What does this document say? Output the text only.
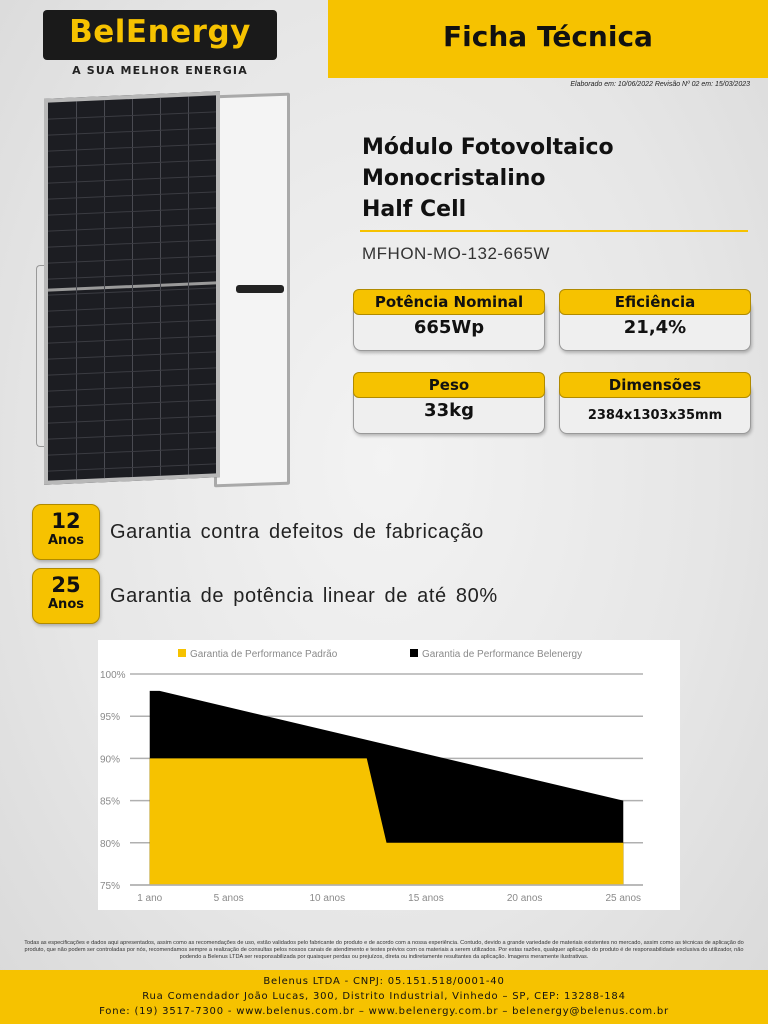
BelEnergy
A SUA MELHOR ENERGIA
Ficha Técnica
Elaborado em: 10/06/2022 Revisão Nº 02 em: 15/03/2023
Módulo Fotovoltaico
Monocristalino
Half Cell
MFHON-MO-132-665W
Potência Nominal
665Wp
Eficiência
21,4%
Peso
33kg
Dimensões
2384x1303x35mm
12
Anos	Garantia contra defeitos de fabricação
25
Anos	Garantia de potência linear de até 80%
100%
95%
90%
85%
80%
75%
1 ano	5 anos	10 anos	15 anos	20 anos	25 anos
Garantia de Performance Padrão	Garantia de Performance Belenergy
Todas as especificações e dados aqui apresentados, assim como as recomendações de uso, estão validados pelo fabricante do produto e de acordo com a nossa experiência. Contudo, devido a grande variedade de materiais existentes no mercado, assim como as técnicas de aplicação do produto, que não podem ser controladas por nós, recomendamos sempre a realização de consultas pelos nossos canais de atendimento e testes prévios com os materiais a serem utilizados. Por estas razões, qualquer aplicação do produto é de responsabilidade exclusiva do utilizador, não podendo a Belenus LTDA ser responsabilizada por quaisquer perdas ou prejuízos, direta ou indiretamente resultantes da aplicação. Imagens meramente ilustrativas.
Belenus LTDA - CNPJ: 05.151.518/0001-40
Rua Comendador João Lucas, 300, Distrito Industrial, Vinhedo – SP, CEP: 13288-184
Fone: (19) 3517-7300 - www.belenus.com.br – www.belenergy.com.br – belenergy@belenus.com.br
